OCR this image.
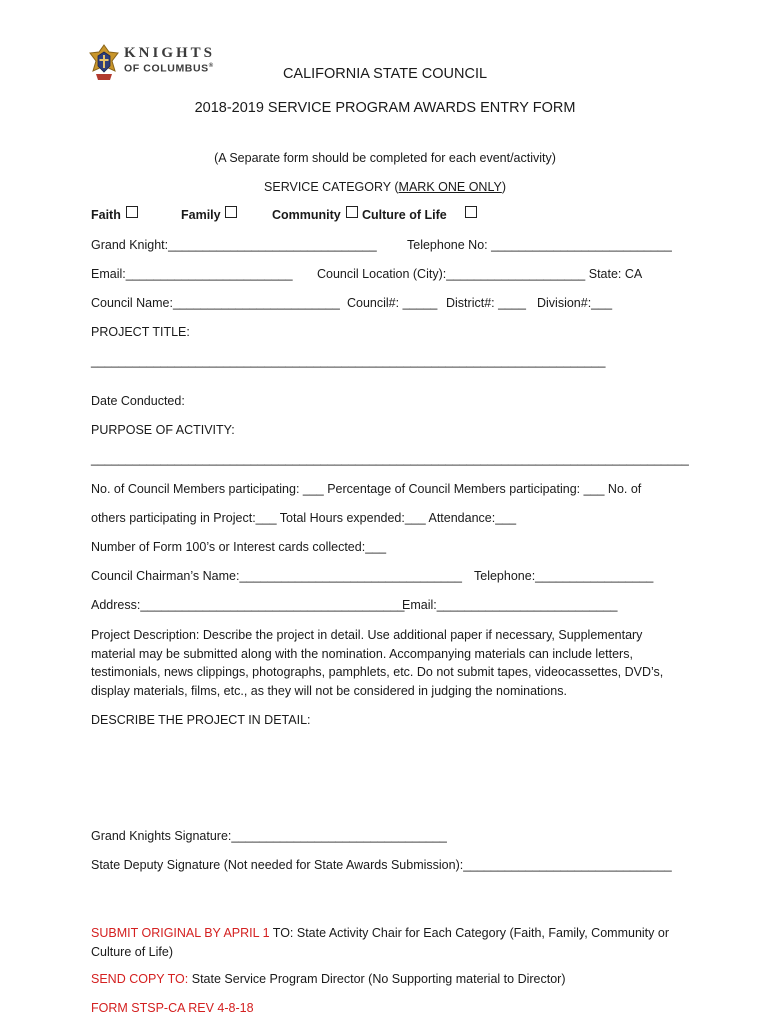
KNIGHTS
OF COLUMBUS®	CALIFORNIA STATE COUNCIL
2018-2019 SERVICE PROGRAM AWARDS ENTRY FORM
(A Separate form should be completed for each event/activity)
SERVICE CATEGORY (MARK ONE ONLY)
Faith	Family	Community Culture of Life
Grand Knight:______________________________ Telephone No: __________________________
Email:________________________ Council Location (City):____________________ State: CA
Council Name:________________________ Council#: _____ District#: ____ Division#:___
PROJECT TITLE:
__________________________________________________________________________
Date Conducted:
PURPOSE OF ACTIVITY:
______________________________________________________________________________________
No. of Council Members participating: ___ Percentage of Council Members participating: ___ No. of
others participating in Project:___ Total Hours expended:___ Attendance:___
Number of Form 100’s or Interest cards collected:___
Council Chairman’s Name:________________________________ Telephone:_________________
Address:______________________________________
Email:__________________________
Project Description: Describe the project in detail. Use additional paper if necessary, Supplementary material may be submitted along with the nomination. Accompanying materials can include letters, testimonials, news clippings, photographs, pamphlets, etc. Do not submit tapes, videocassettes, DVD’s, display materials, films, etc., as they will not be considered in judging the nominations.
DESCRIBE THE PROJECT IN DETAIL:
Grand Knights Signature:_______________________________
State Deputy Signature (Not needed for State Awards Submission):______________________________
SUBMIT ORIGINAL BY APRIL 1 TO: State Activity Chair for Each Category (Faith, Family, Community or Culture of Life)
SEND COPY TO: State Service Program Director (No Supporting material to Director)
FORM STSP-CA REV 4-8-18
